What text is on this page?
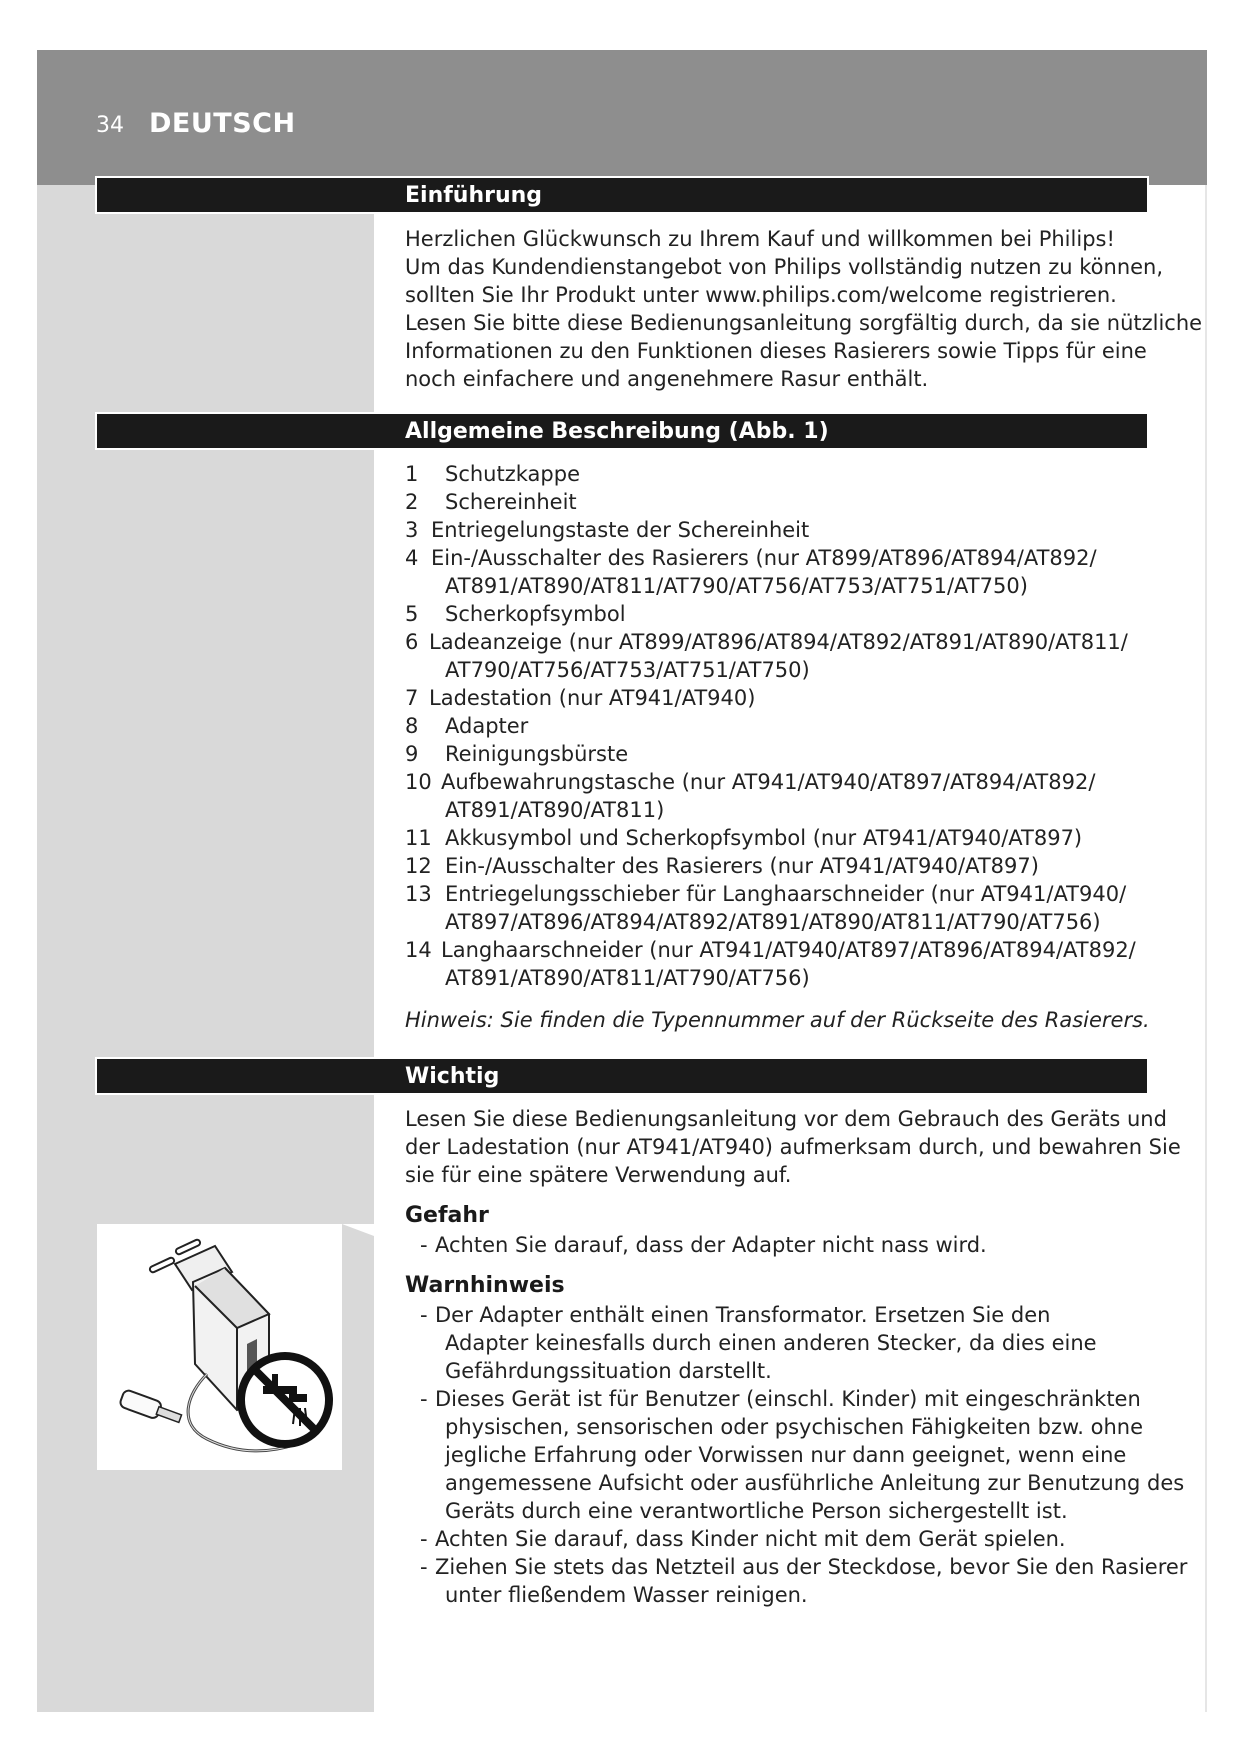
34 DEUTSCH
Einführung

Herzlichen Glückwunsch zu Ihrem Kauf und willkommen bei Philips!

Um das Kundendienstangebot von Philips vollständig nutzen zu können,

sollten Sie Ihr Produkt unter www.philips.com/welcome registrieren.

Lesen Sie bitte diese Bedienungsanleitung sorgfältig durch, da sie nützliche

Informationen zu den Funktionen dieses Rasierers sowie Tipps für eine

noch einfachere und angenehmere Rasur enthält.

Allgemeine Beschreibung (Abb. 1)
1 Schutzkappe
2 Schereinheit
3 Entriegelungstaste der Schereinheit
4 Ein-/Ausschalter des Rasierers (nur AT899/AT896/AT894/AT892/
AT891/AT890/AT811/AT790/AT756/AT753/AT751/AT750)
5 Scherkopfsymbol
6 Ladeanzeige (nur AT899/AT896/AT894/AT892/AT891/AT890/AT811/
AT790/AT756/AT753/AT751/AT750)
7 Ladestation (nur AT941/AT940)
8 Adapter
9 Reinigungsbürste
10 Aufbewahrungstasche (nur AT941/AT940/AT897/AT894/AT892/
AT891/AT890/AT811)
11 Akkusymbol und Scherkopfsymbol (nur AT941/AT940/AT897)
12 Ein-/Ausschalter des Rasierers (nur AT941/AT940/AT897)
13 Entriegelungsschieber für Langhaarschneider (nur AT941/AT940/
AT897/AT896/AT894/AT892/AT891/AT890/AT811/AT790/AT756)
14 Langhaarschneider (nur AT941/AT940/AT897/AT896/AT894/AT892/
AT891/AT890/AT811/AT790/AT756)
Hinweis: Sie finden die Typennummer auf der Rückseite des Rasierers.
Wichtig

Lesen Sie diese Bedienungsanleitung vor dem Gebrauch des Geräts und

der Ladestation (nur AT941/AT940) aufmerksam durch, und bewahren Sie

sie für eine spätere Verwendung auf.

Gefahr
- Achten Sie darauf, dass der Adapter nicht nass wird.
Warnhinweis
- Der Adapter enthält einen Transformator. Ersetzen Sie den
Adapter keinesfalls durch einen anderen Stecker, da dies eine
Gefährdungssituation darstellt.
- Dieses Gerät ist für Benutzer (einschl. Kinder) mit eingeschränkten
physischen, sensorischen oder psychischen Fähigkeiten bzw. ohne
jegliche Erfahrung oder Vorwissen nur dann geeignet, wenn eine
angemessene Aufsicht oder ausführliche Anleitung zur Benutzung des
Geräts durch eine verantwortliche Person sichergestellt ist.
- Achten Sie darauf, dass Kinder nicht mit dem Gerät spielen.
- Ziehen Sie stets das Netzteil aus der Steckdose, bevor Sie den Rasierer
unter fließendem Wasser reinigen.
